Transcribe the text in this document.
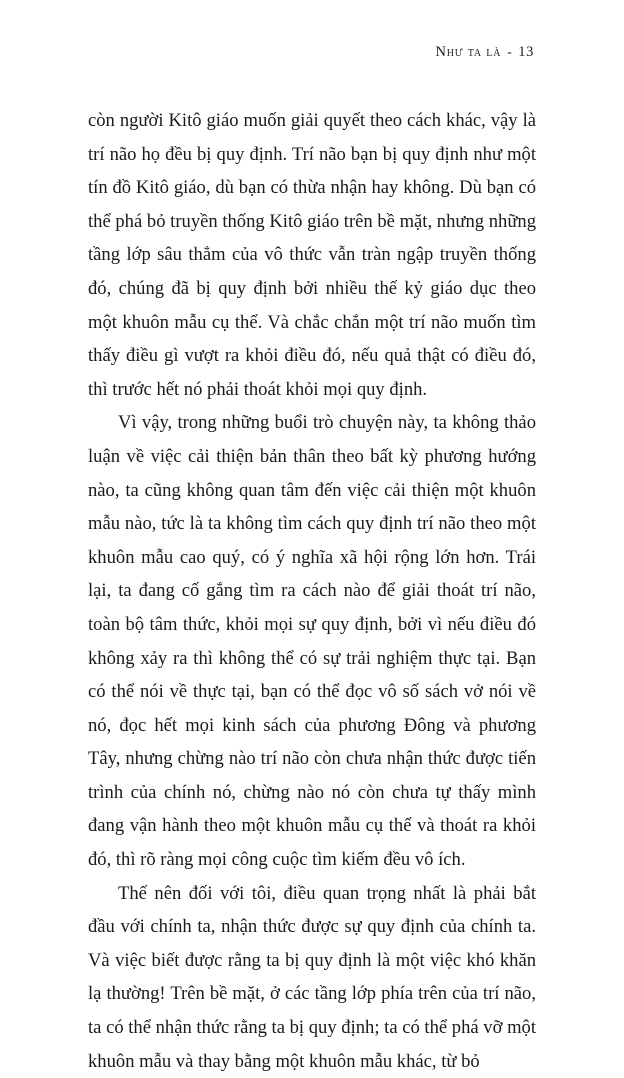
Như ta là - 13

còn người Kitô giáo muốn giải quyết theo cách khác, vậy là trí não họ đều bị quy định. Trí não bạn bị quy định như một tín đồ Kitô giáo, dù bạn có thừa nhận hay không. Dù bạn có thể phá bỏ truyền thống Kitô giáo trên bề mặt, nhưng những tầng lớp sâu thẳm của vô thức vẫn tràn ngập truyền thống đó, chúng đã bị quy định bởi nhiều thế kỷ giáo dục theo một khuôn mẫu cụ thể. Và chắc chắn một trí não muốn tìm thấy điều gì vượt ra khỏi điều đó, nếu quả thật có điều đó, thì trước hết nó phải thoát khỏi mọi quy định.

Vì vậy, trong những buổi trò chuyện này, ta không thảo luận về việc cải thiện bản thân theo bất kỳ phương hướng nào, ta cũng không quan tâm đến việc cải thiện một khuôn mẫu nào, tức là ta không tìm cách quy định trí não theo một khuôn mẫu cao quý, có ý nghĩa xã hội rộng lớn hơn. Trái lại, ta đang cố gắng tìm ra cách nào để giải thoát trí não, toàn bộ tâm thức, khỏi mọi sự quy định, bởi vì nếu điều đó không xảy ra thì không thể có sự trải nghiệm thực tại. Bạn có thể nói về thực tại, bạn có thể đọc vô số sách vở nói về nó, đọc hết mọi kinh sách của phương Đông và phương Tây, nhưng chừng nào trí não còn chưa nhận thức được tiến trình của chính nó, chừng nào nó còn chưa tự thấy mình đang vận hành theo một khuôn mẫu cụ thể và thoát ra khỏi đó, thì rõ ràng mọi công cuộc tìm kiếm đều vô ích.

Thế nên đối với tôi, điều quan trọng nhất là phải bắt đầu với chính ta, nhận thức được sự quy định của chính ta. Và việc biết được rằng ta bị quy định là một việc khó khăn lạ thường! Trên bề mặt, ở các tầng lớp phía trên của trí não, ta có thể nhận thức rằng ta bị quy định; ta có thể phá vỡ một khuôn mẫu và thay bằng một khuôn mẫu khác, từ bỏ
